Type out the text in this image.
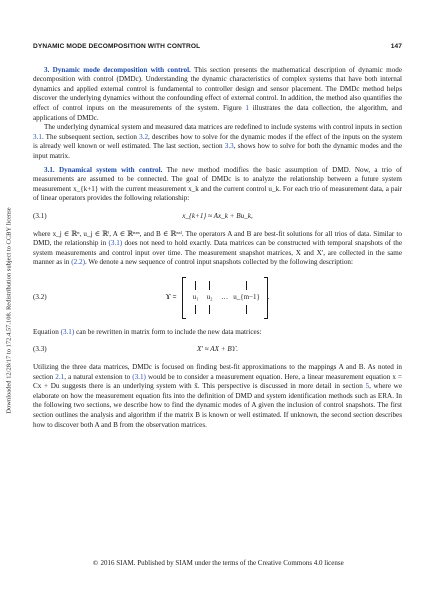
Downloaded 12/28/17 to 172.4.57.108. Redistribution subject to CCBY license
DYNAMIC MODE DECOMPOSITION WITH CONTROL	147

3. Dynamic mode decomposition with control. This section presents the mathematical description of dynamic mode decomposition with control (DMDc). Understanding the dynamic characteristics of complex systems that have both internal dynamics and applied external control is fundamental to controller design and sensor placement. The DMDc method helps discover the underlying dynamics without the confounding effect of external control. In addition, the method also quantifies the effect of control inputs on the measurements of the system. Figure 1 illustrates the data collection, the algorithm, and applications of DMDc.

The underlying dynamical system and measured data matrices are redefined to include systems with control inputs in section 3.1. The subsequent section, section 3.2, describes how to solve for the dynamic modes if the effect of the inputs on the system is already well known or well estimated. The last section, section 3.3, shows how to solve for both the dynamic modes and the input matrix.

3.1. Dynamical system with control. The new method modifies the basic assumption of DMD. Now, a trio of measurements are assumed to be connected. The goal of DMDc is to analyze the relationship between a future system measurement x_{k+1} with the current measurement x_k and the current control u_k. For each trio of measurement data, a pair of linear operators provides the following relationship:

(3.1)	x_{k+1} ≈ Ax_k + Bu_k,

where x_j ∈ ℝⁿ, u_j ∈ ℝˡ, A ∈ ℝⁿˣⁿ, and B ∈ ℝⁿˣˡ. The operators A and B are best-fit solutions for all trios of data. Similar to DMD, the relationship in (3.1) does not need to hold exactly. Data matrices can be constructed with temporal snapshots of the system measurements and control input over time. The measurement snapshot matrices, X and X′, are collected in the same manner as in (2.2). We denote a new sequence of control input snapshots collected by the following description:

(3.2)	ϒ = u₁ u₂ … u_{m−1} .

Equation (3.1) can be rewritten in matrix form to include the new data matrices:

(3.3)	X′ ≈ AX + Bϒ.

Utilizing the three data matrices, DMDc is focused on finding best-fit approximations to the mappings A and B. As noted in section 2.1, a natural extension to (3.1) would be to consider a measurement equation. Here, a linear measurement equation x = Cx + Du suggests there is an underlying system with x̃. This perspective is discussed in more detail in section 5, where we elaborate on how the measurement equation fits into the definition of DMD and system identification methods such as ERA. In the following two sections, we describe how to find the dynamic modes of A given the inclusion of control snapshots. The first section outlines the analysis and algorithm if the matrix B is known or well estimated. If unknown, the second section describes how to discover both A and B from the observation matrices.

© 2016 SIAM. Published by SIAM under the terms of the Creative Commons 4.0 license
